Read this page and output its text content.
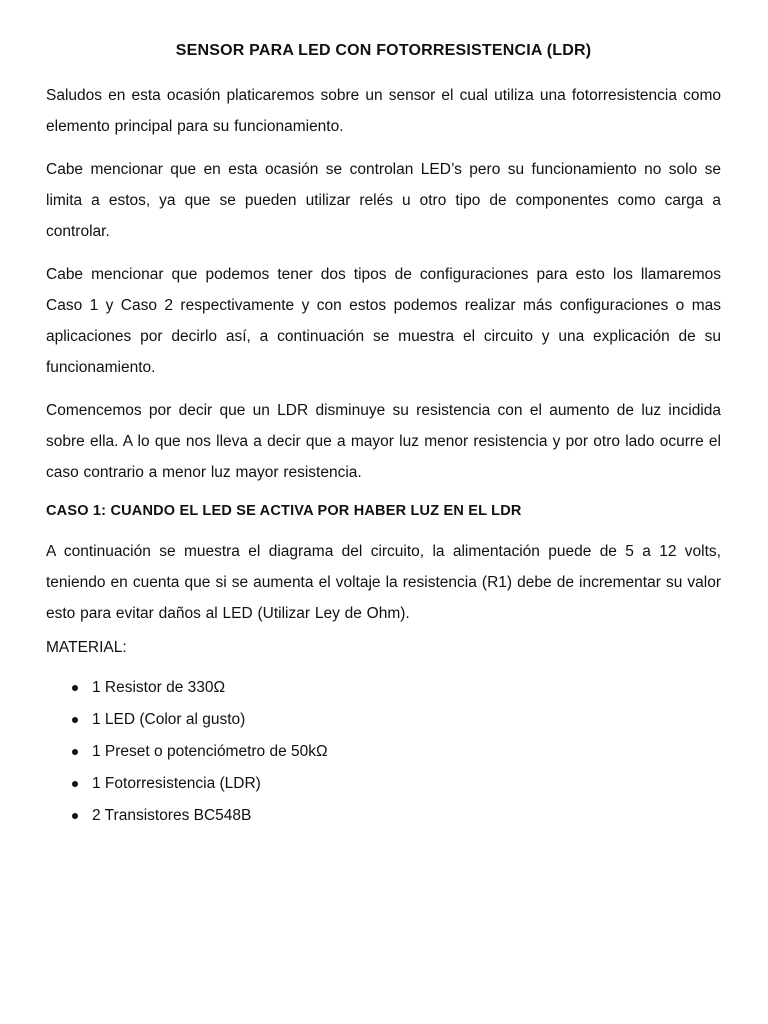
SENSOR PARA LED CON FOTORRESISTENCIA (LDR)

Saludos en esta ocasión platicaremos sobre un sensor el cual utiliza una fotorresistencia como elemento principal para su funcionamiento.

Cabe mencionar que en esta ocasión se controlan LED’s pero su funcionamiento no solo se limita a estos, ya que se pueden utilizar relés u otro tipo de componentes como carga a controlar.

Cabe mencionar que podemos tener dos tipos de configuraciones para esto los llamaremos Caso 1 y Caso 2 respectivamente y con estos podemos realizar más configuraciones o mas aplicaciones por decirlo así, a continuación se muestra el circuito y una explicación de su funcionamiento.

Comencemos por decir que un LDR disminuye su resistencia con el aumento de luz incidida sobre ella. A lo que nos lleva a decir que a mayor luz menor resistencia y por otro lado ocurre el caso contrario a menor luz mayor resistencia.

CASO 1: CUANDO EL LED SE ACTIVA POR HABER LUZ EN EL LDR

A continuación se muestra el diagrama del circuito, la alimentación puede de 5 a 12 volts, teniendo en cuenta que si se aumenta el voltaje la resistencia (R1) debe de incrementar su valor esto para evitar daños al LED (Utilizar Ley de Ohm).

MATERIAL:
1 Resistor de 330Ω
1 LED (Color al gusto)
1 Preset o potenciómetro de 50kΩ
1 Fotorresistencia (LDR)
2 Transistores BC548B
